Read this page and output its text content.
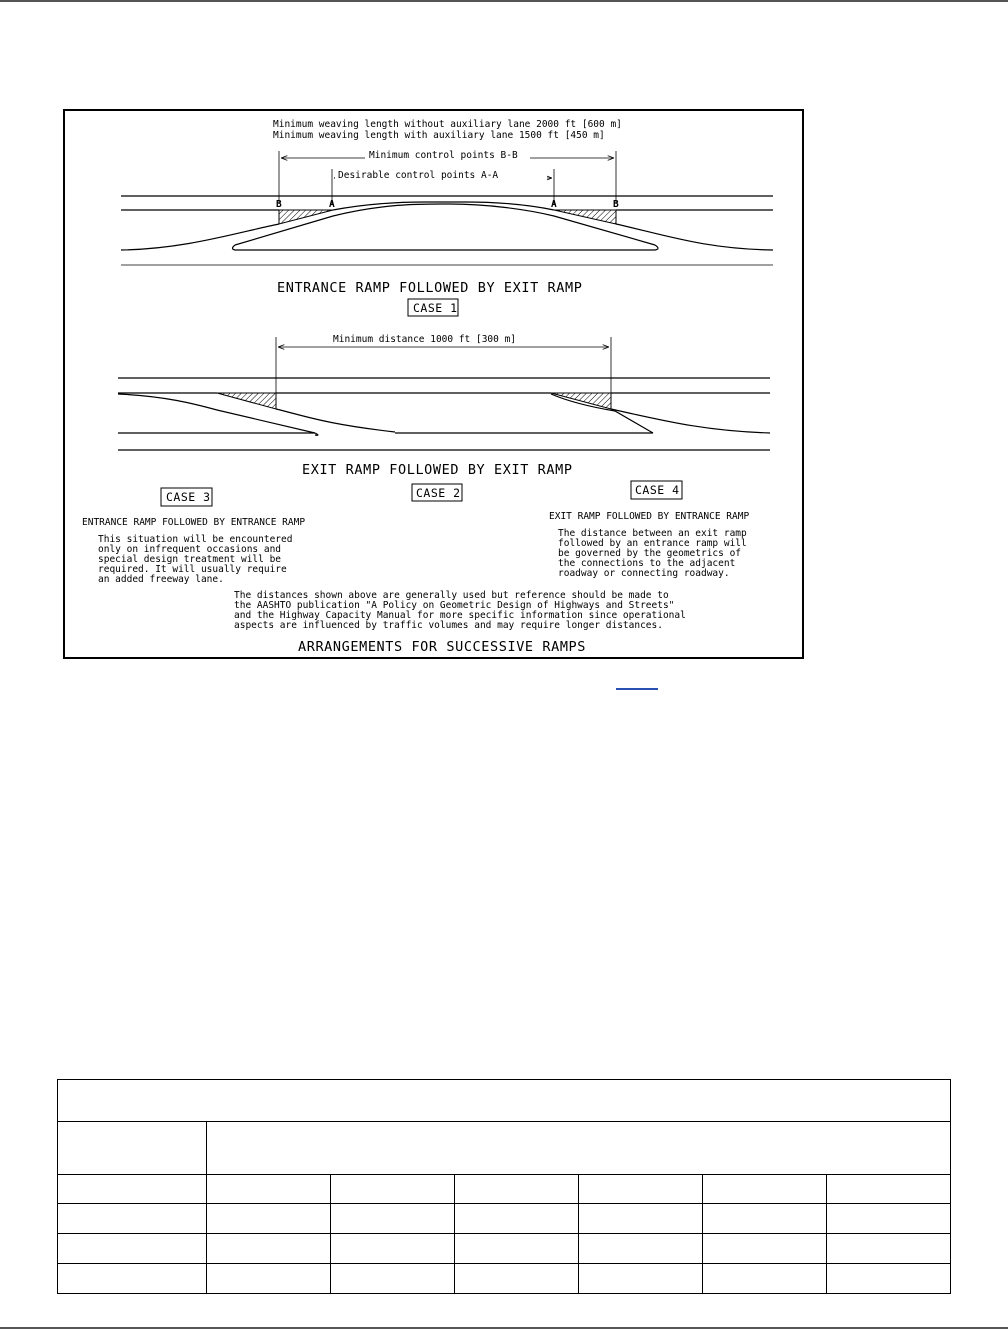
Minimum weaving length without auxiliary lane 2000 ft [600 m]
Minimum weaving length with auxiliary lane 1500 ft [450 m]
Minimum control points B-B
Desirable control points A-A
B	A	A	B
ENTRANCE RAMP FOLLOWED BY EXIT RAMP
CASE 1
Minimum distance 1000 ft [300 m]
EXIT RAMP FOLLOWED BY EXIT RAMP
CASE 2
CASE 3
ENTRANCE RAMP FOLLOWED BY ENTRANCE RAMP
This situation will be encountered
only on infrequent occasions and
special design treatment will be
required. It will usually require
an added freeway lane.
CASE 4
EXIT RAMP FOLLOWED BY ENTRANCE RAMP
The distance between an exit ramp
followed by an entrance ramp will
be governed by the geometrics of
the connections to the adjacent
roadway or connecting roadway.
The distances shown above are generally used but reference should be made to
the AASHTO publication "A Policy on Geometric Design of Highways and Streets"
and the Highway Capacity Manual for more specific information since operational
aspects are influenced by traffic volumes and may require longer distances.
ARRANGEMENTS FOR SUCCESSIVE RAMPS
